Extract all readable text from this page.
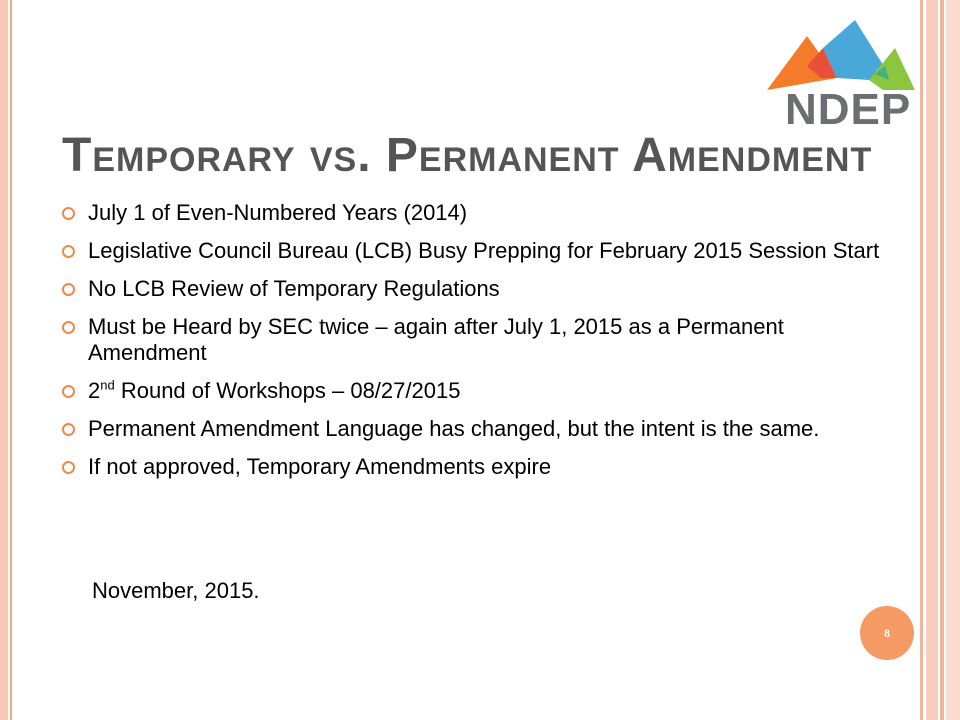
NDEP
Temporary vs. Permanent Amendment
July 1 of Even-Numbered Years (2014)
Legislative Council Bureau (LCB) Busy Prepping for February 2015 Session Start
No LCB Review of Temporary Regulations
Must be Heard by SEC twice – again after July 1, 2015 as a Permanent Amendment
2nd Round of Workshops – 08/27/2015
Permanent Amendment Language has changed, but the intent is the same.
If not approved, Temporary Amendments expire
November, 2015.
8
